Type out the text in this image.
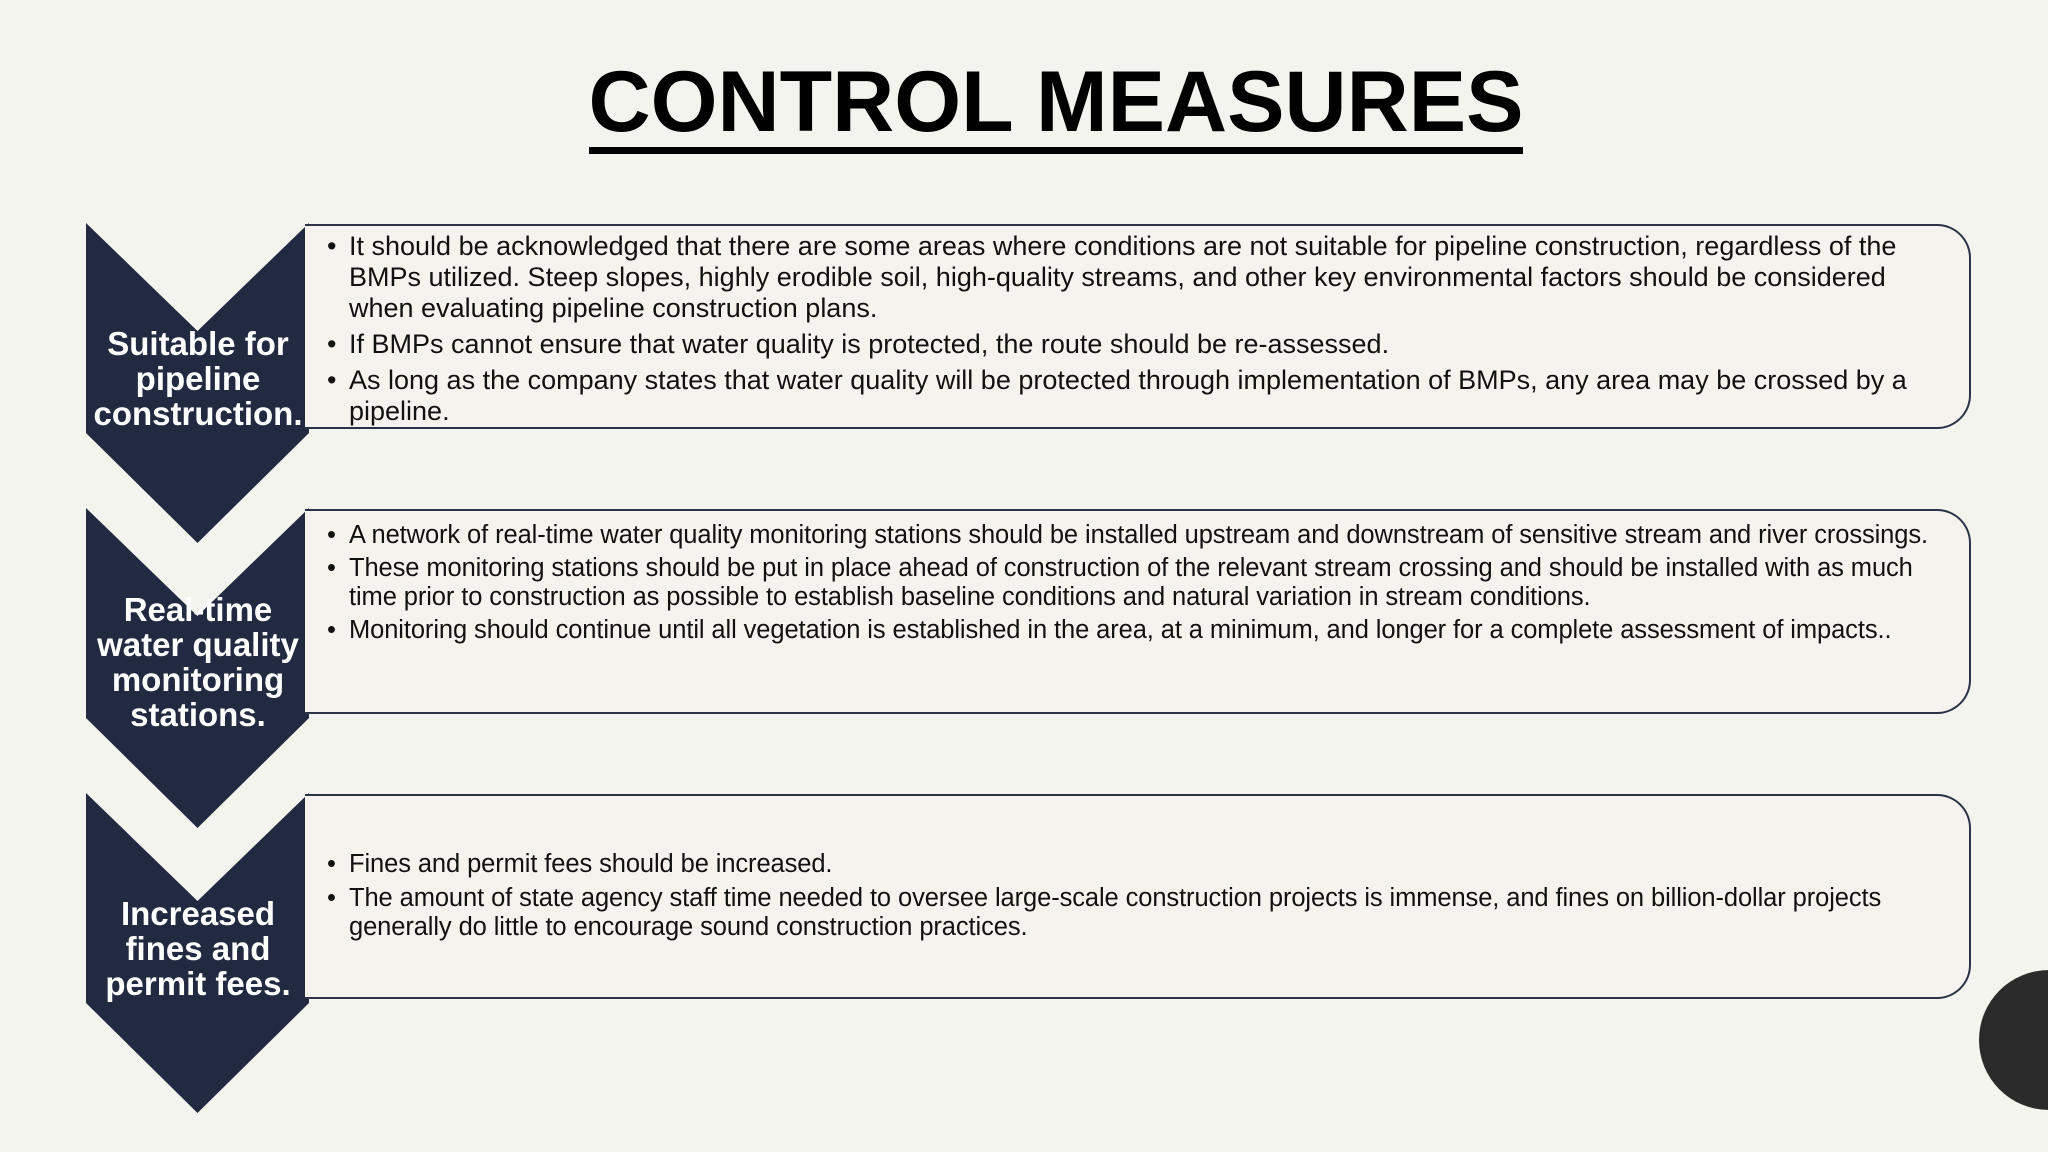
CONTROL MEASURES
Suitable for pipeline construction.
• It should be acknowledged that there are some areas where conditions are not suitable for pipeline construction, regardless of the BMPs utilized. Steep slopes, highly erodible soil, high-quality streams, and other key environmental factors should be considered when evaluating pipeline construction plans.
• If BMPs cannot ensure that water quality is protected, the route should be re-assessed.
• As long as the company states that water quality will be protected through implementation of BMPs, any area may be crossed by a pipeline.
Real-time water quality monitoring stations.
• A network of real-time water quality monitoring stations should be installed upstream and downstream of sensitive stream and river crossings.
• These monitoring stations should be put in place ahead of construction of the relevant stream crossing and should be installed with as much time prior to construction as possible to establish baseline conditions and natural variation in stream conditions.
• Monitoring should continue until all vegetation is established in the area, at a minimum, and longer for a complete assessment of impacts..
Increased fines and permit fees.
• Fines and permit fees should be increased.
• The amount of state agency staff time needed to oversee large-scale construction projects is immense, and fines on billion-dollar projects generally do little to encourage sound construction practices.
